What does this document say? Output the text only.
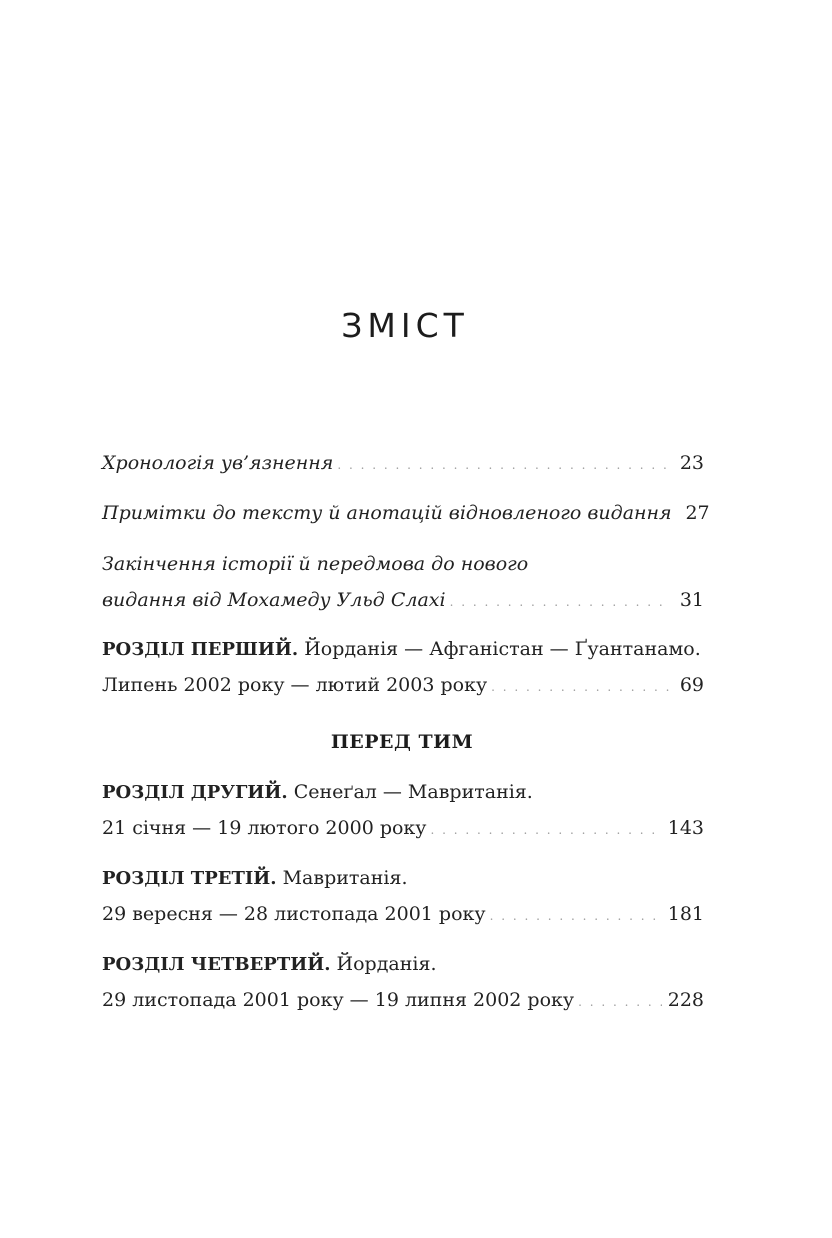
ЗМІСТ
Хронологія ув’язнення . . .	23
Примітки до тексту й анотацій відновленого видання 27
Закінчення історії й передмова до нового
видання від Мохамеду Ульд Слахі . . .	31
РОЗДІЛ ПЕРШИЙ. Йорданія — Афганістан — Ґуантанамо.
Липень 2002 року — лютий 2003 року . . .	69
ПЕРЕД ТИМ
РОЗДІЛ ДРУГИЙ. Сенеґал — Мавританія.
21 січня — 19 лютого 2000 року . . .	143
РОЗДІЛ ТРЕТІЙ. Мавританія.
29 вересня — 28 листопада 2001 року . . .	181
РОЗДІЛ ЧЕТВЕРТИЙ. Йорданія.
29 листопада 2001 року — 19 липня 2002 року . . .	228
